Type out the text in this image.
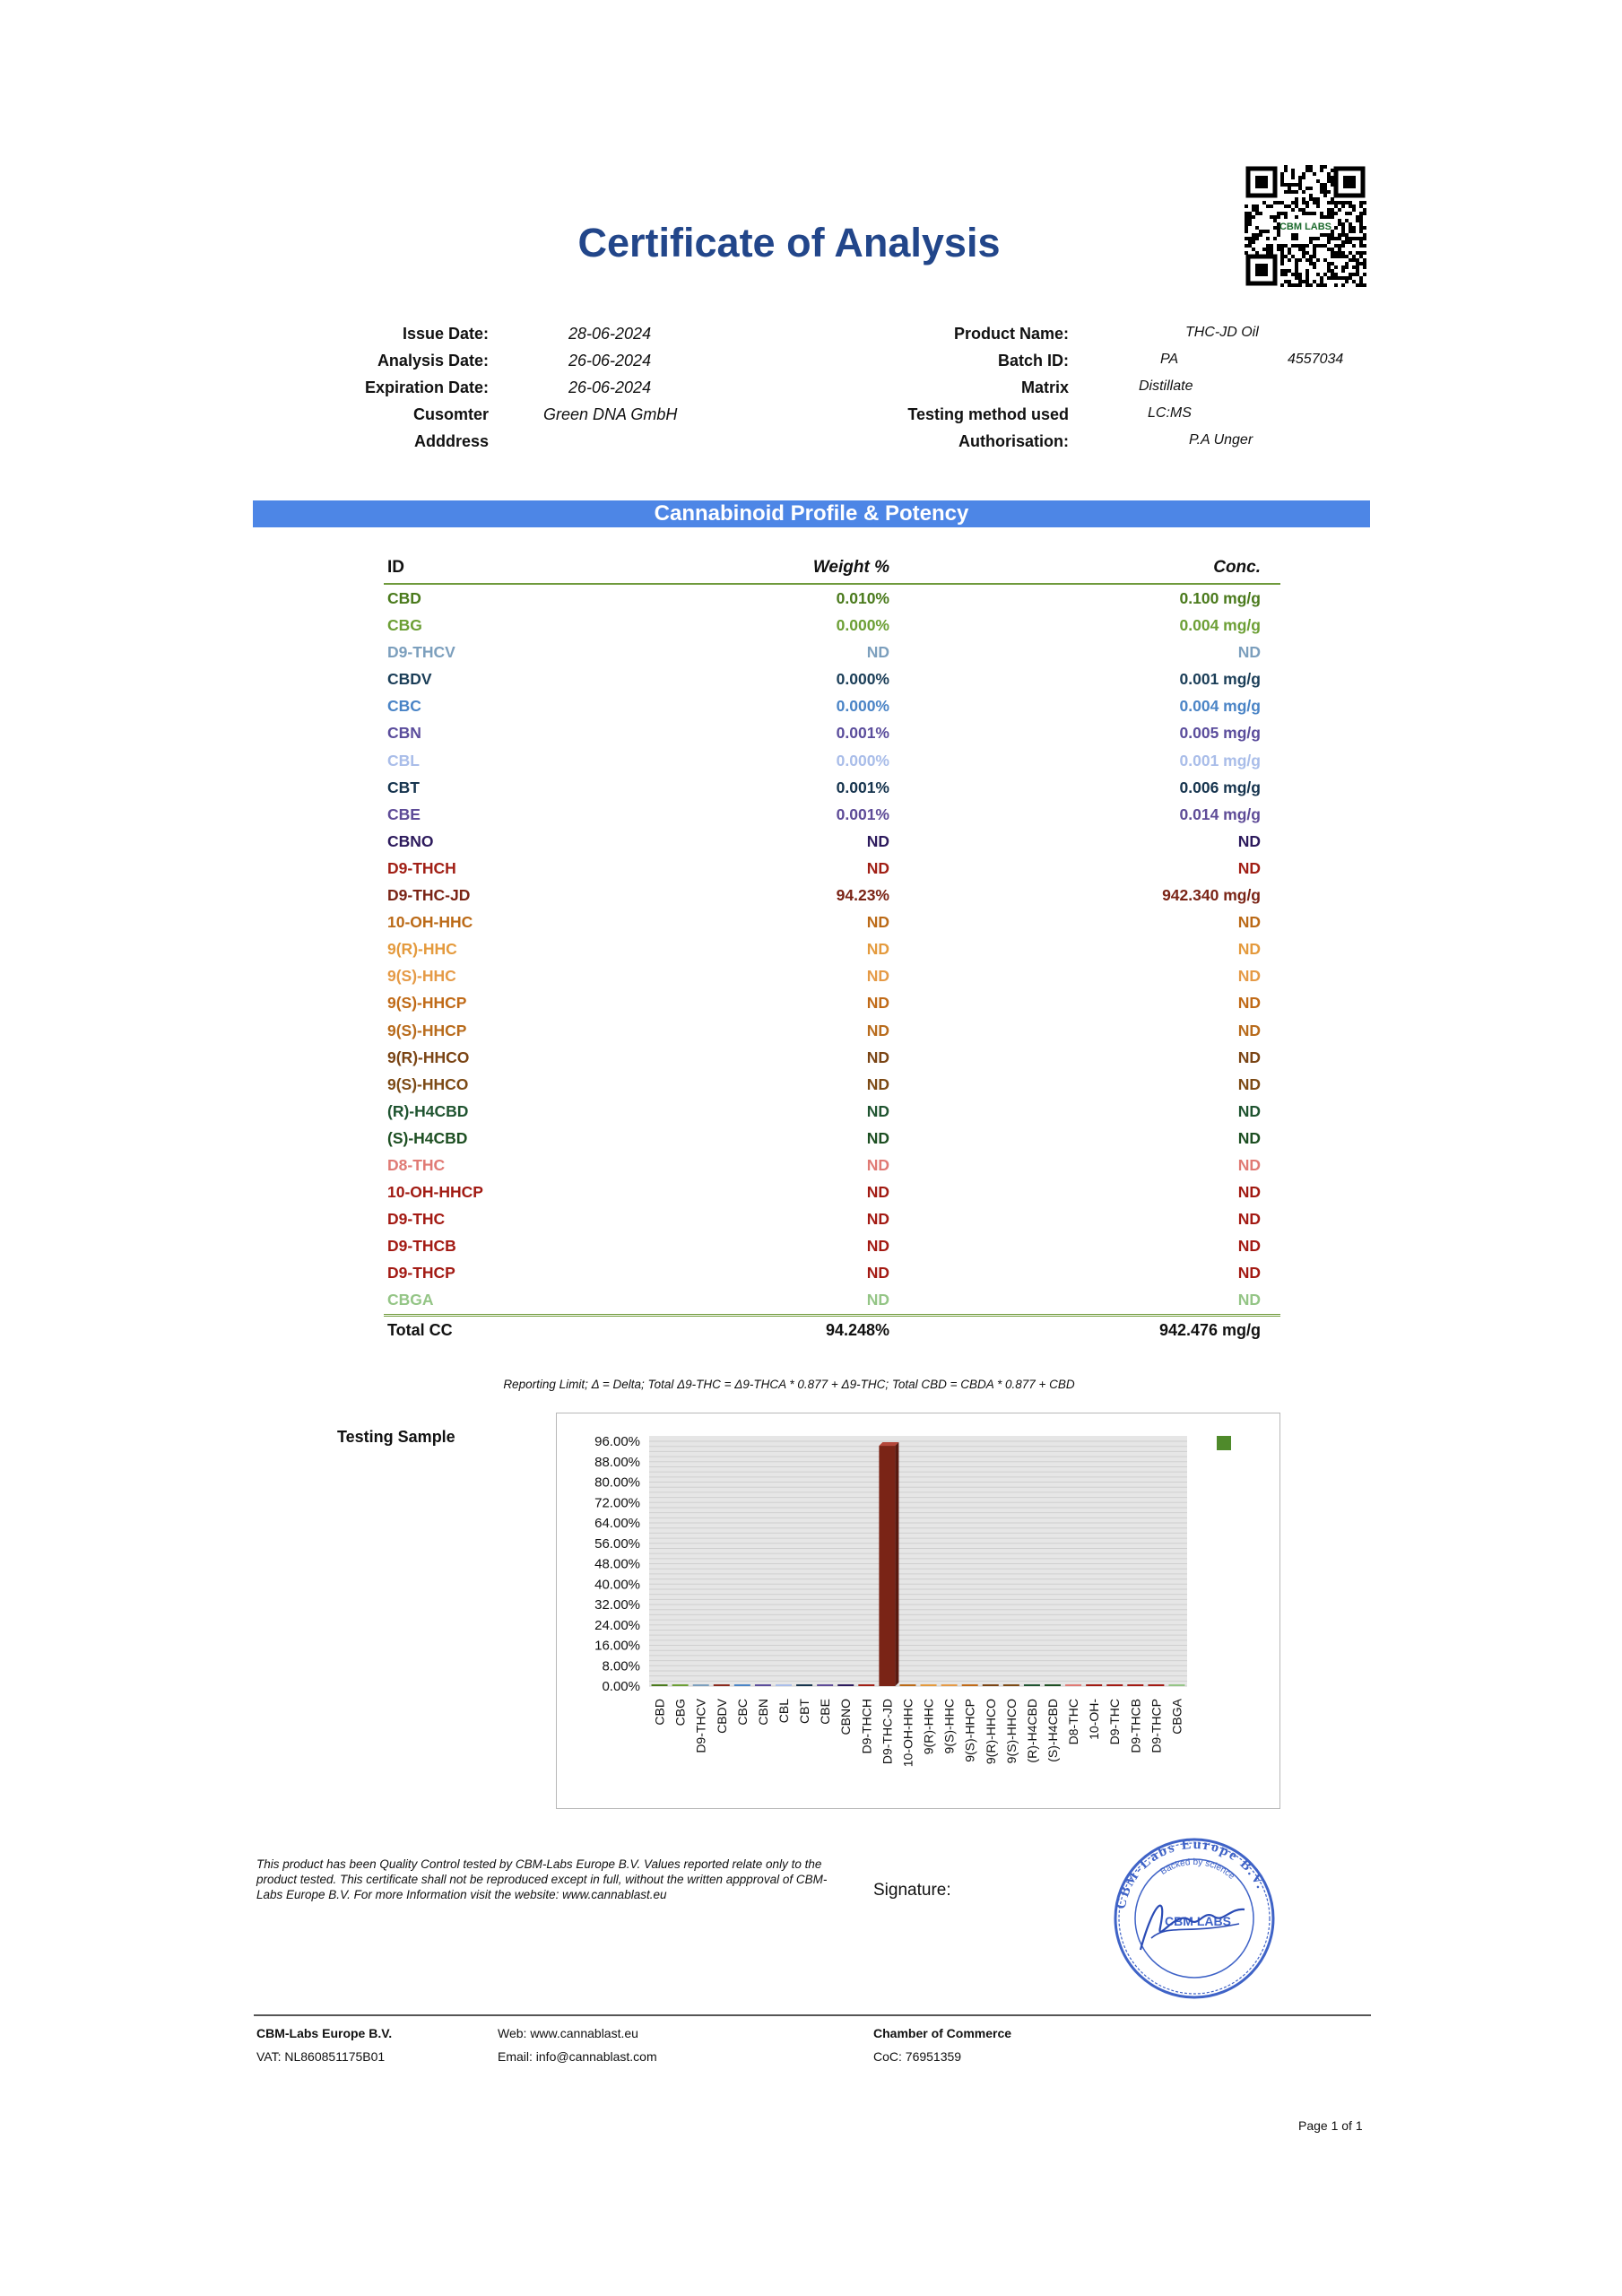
Certificate of Analysis	CBM LABS
Issue Date:	28-06-2024
Analysis Date:	26-06-2024
Expiration Date:	26-06-2024
Cusomter	Green DNA GmbH
Adddress
Product Name:	THC-JD Oil
Batch ID:	PA	4557034
Matrix	Distillate
Testing method used	LC:MS
Authorisation:	P.A Unger
Cannabinoid Profile & Potency
ID	Weight %	Conc.
CBD	0.010%	0.100 mg/g
CBG	0.000%	0.004 mg/g
D9-THCV	ND	ND
CBDV	0.000%	0.001 mg/g
CBC	0.000%	0.004 mg/g
CBN	0.001%	0.005 mg/g
CBL	0.000%	0.001 mg/g
CBT	0.001%	0.006 mg/g
CBE	0.001%	0.014 mg/g
CBNO	ND	ND
D9-THCH	ND	ND
D9-THC-JD	94.23%	942.340 mg/g
10-OH-HHC	ND	ND
9(R)-HHC	ND	ND
9(S)-HHC	ND	ND
9(S)-HHCP	ND	ND
9(S)-HHCP	ND	ND
9(R)-HHCO	ND	ND
9(S)-HHCO	ND	ND
(R)-H4CBD	ND	ND
(S)-H4CBD	ND	ND
D8-THC	ND	ND
10-OH-HHCP	ND	ND
D9-THC	ND	ND
D9-THCB	ND	ND
D9-THCP	ND	ND
CBGA	ND	ND
Total CC	94.248%	942.476 mg/g
Reporting Limit; Δ = Delta; Total Δ9-THC = Δ9-THCA * 0.877 + Δ9-THC; Total CBD = CBDA * 0.877 + CBD
Testing Sample
0.00%
8.00%
16.00%
24.00%
32.00%
40.00%
48.00%
56.00%
64.00%
72.00%
80.00%
88.00%
96.00%
CBD CBG D9-THCV CBDV CBC CBN CBL CBT CBE CBNO D9-THCH D9-THC-JD 10-OH-HHC 9(R)-HHC 9(S)-HHC 9(S)-HHCP 9(R)-HHCO 9(S)-HHCO (R)-H4CBD (S)-H4CBD D8-THC 10-OH- D9-THC D9-THCB D9-THCP CBGA
This product has been Quality Control tested by CBM-Labs Europe B.V. Values reported relate only to the product tested. This certificate shall not be reproduced except in full, without the written appproval of CBM-Labs Europe B.V. For more Information visit the website: www.cannablast.eu	Signature:
CBM-Labs Europe B.V.
Backed by science
CBM LABS
CBM-Labs Europe B.V.
VAT: NL860851175B01
Web: www.cannablast.eu
Email: info@cannablast.com
Chamber of Commerce
CoC: 76951359
Page 1 of 1
